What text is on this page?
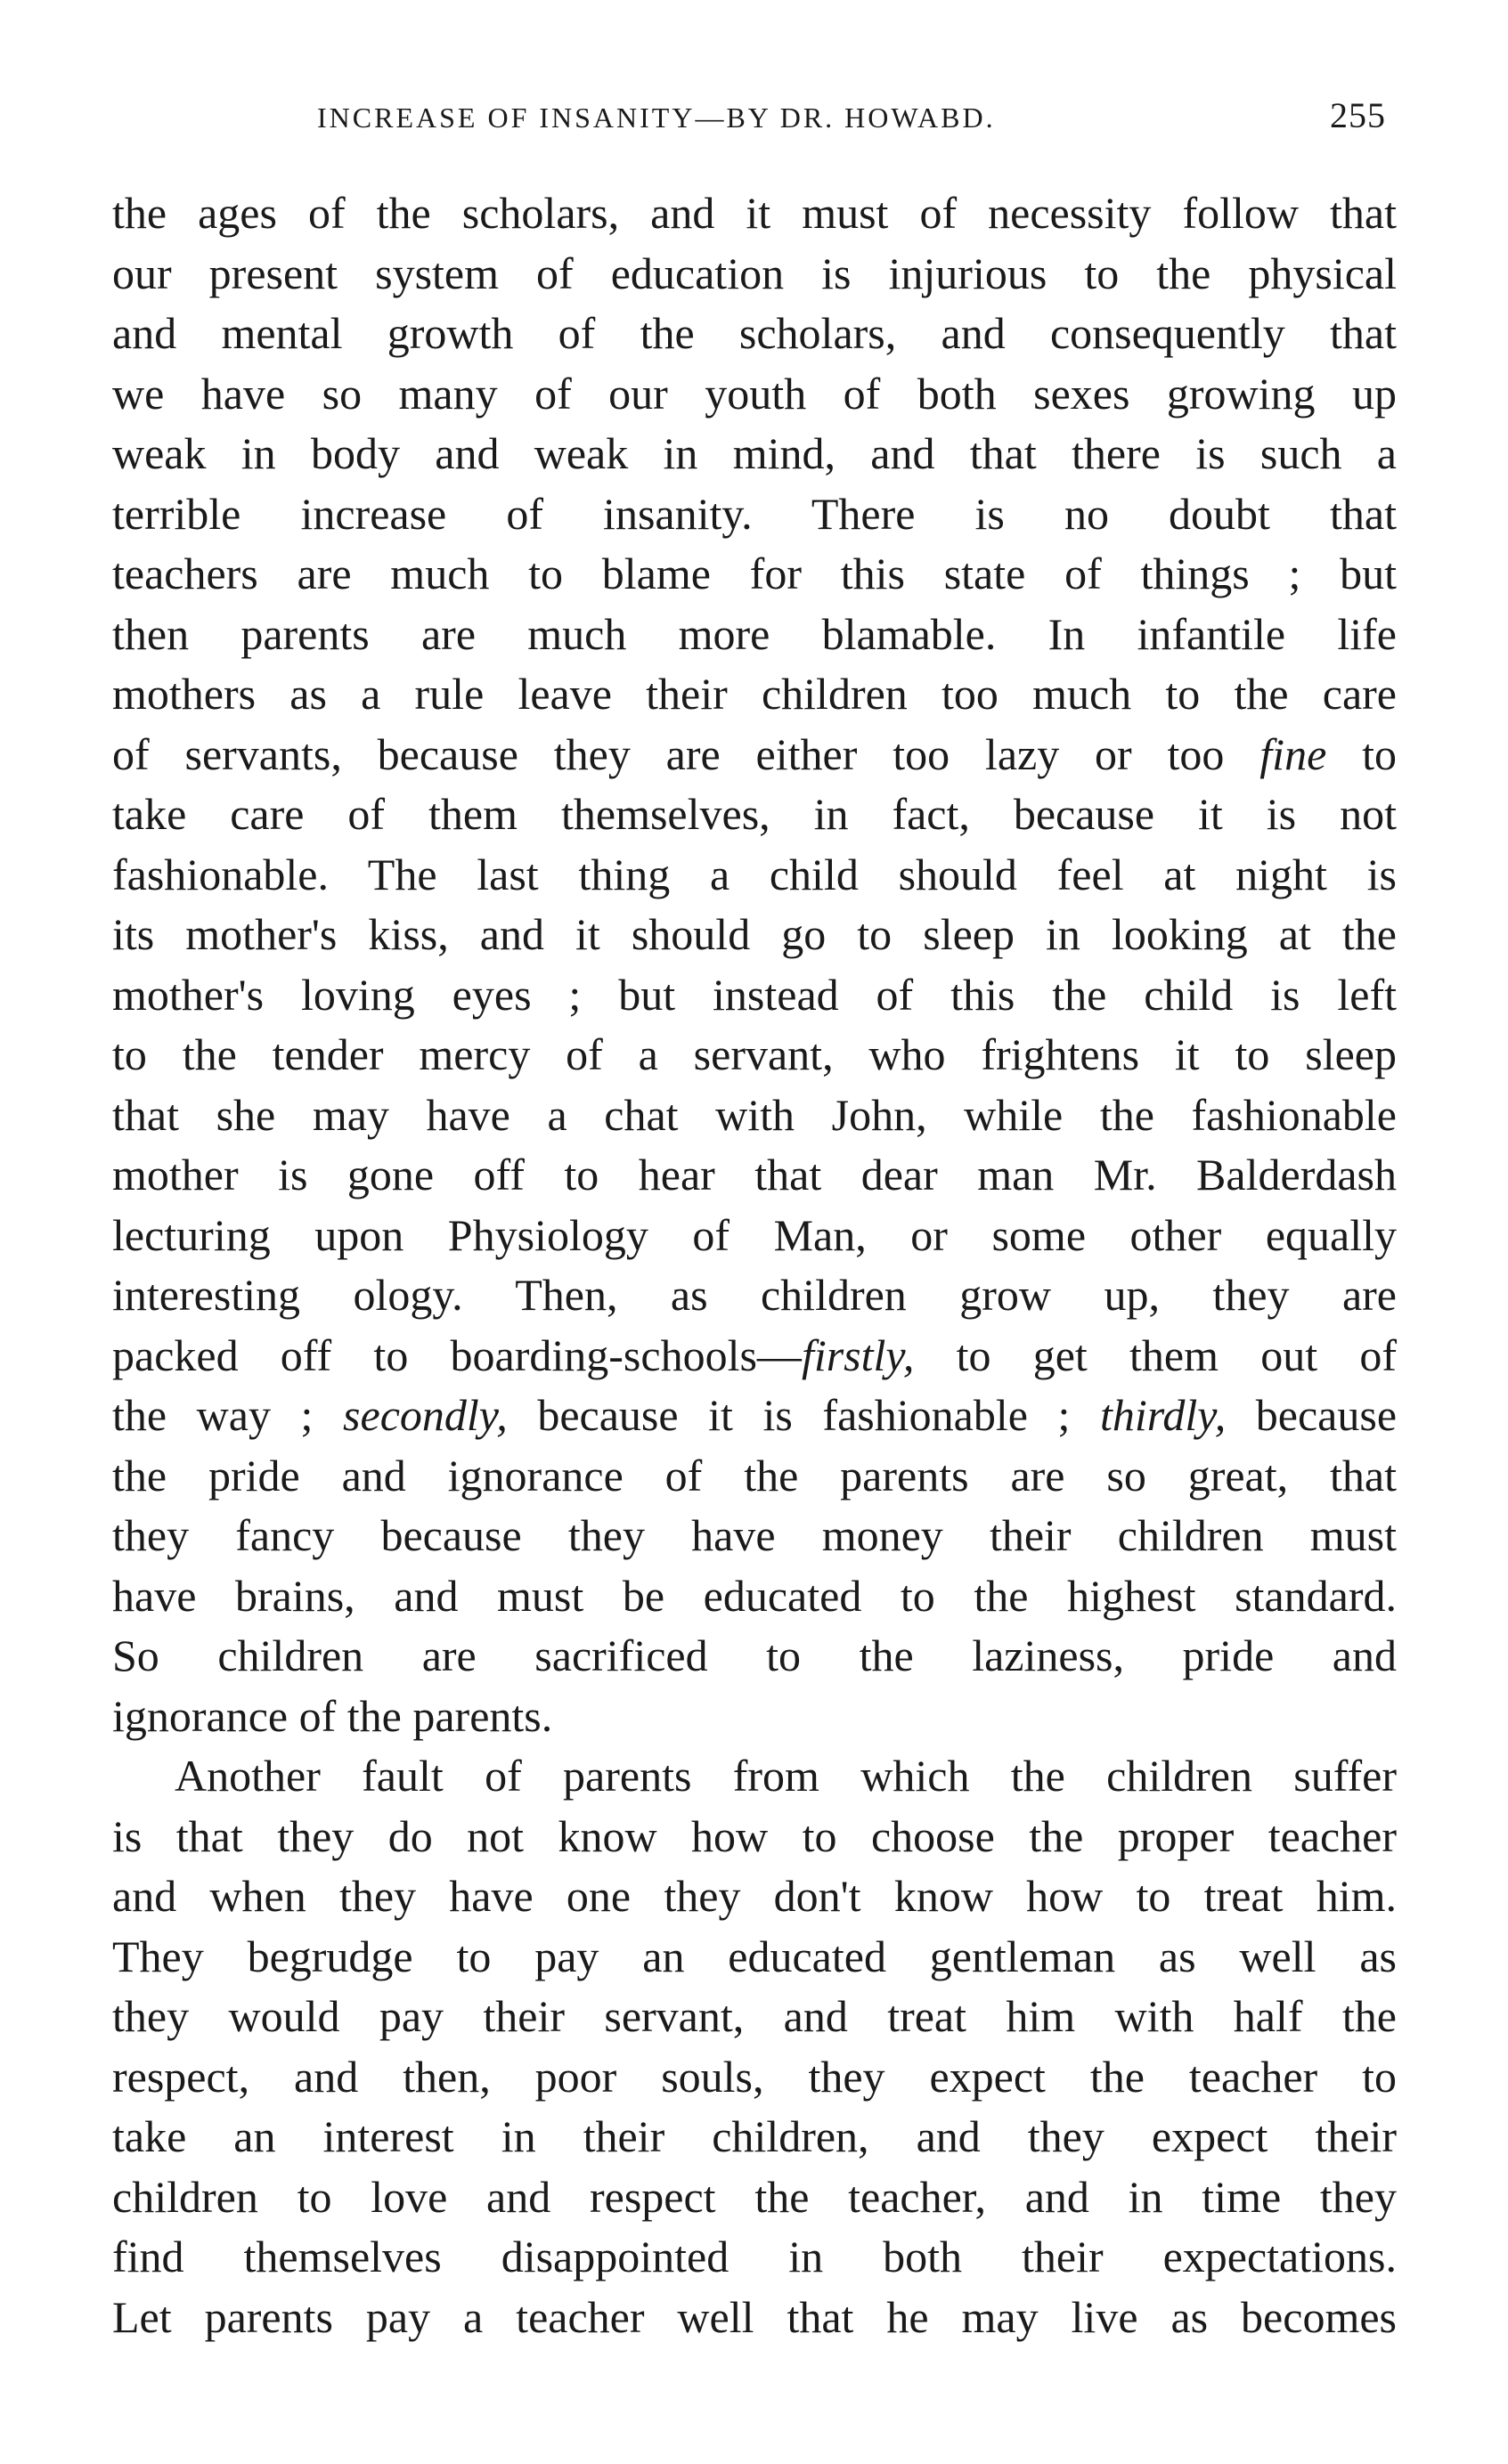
INCREASE OF INSANITY—BY DR. HOWABD.	255
the ages of the scholars, and it must of necessity follow that
our present system of education is injurious to the physical
and mental growth of the scholars, and consequently that
we have so many of our youth of both sexes growing up
weak in body and weak in mind, and that there is such a
terrible increase of insanity. There is no doubt that
teachers are much to blame for this state of things ; but
then parents are much more blamable. In infantile life
mothers as a rule leave their children too much to the care
of servants, because they are either too lazy or too fine to
take care of them themselves, in fact, because it is not
fashionable. The last thing a child should feel at night is
its mother's kiss, and it should go to sleep in looking at the
mother's loving eyes ; but instead of this the child is left
to the tender mercy of a servant, who frightens it to sleep
that she may have a chat with John, while the fashionable
mother is gone off to hear that dear man Mr. Balderdash
lecturing upon Physiology of Man, or some other equally
interesting ology. Then, as children grow up, they are
packed off to boarding-schools—firstly, to get them out of
the way ; secondly, because it is fashionable ; thirdly, because
the pride and ignorance of the parents are so great, that
they fancy because they have money their children must
have brains, and must be educated to the highest standard.
So children are sacrificed to the laziness, pride and
ignorance of the parents.
Another fault of parents from which the children suffer
is that they do not know how to choose the proper teacher
and when they have one they don't know how to treat him.
They begrudge to pay an educated gentleman as well as
they would pay their servant, and treat him with half the
respect, and then, poor souls, they expect the teacher to
take an interest in their children, and they expect their
children to love and respect the teacher, and in time they
find themselves disappointed in both their expectations.
Let parents pay a teacher well that he may live as becomes
